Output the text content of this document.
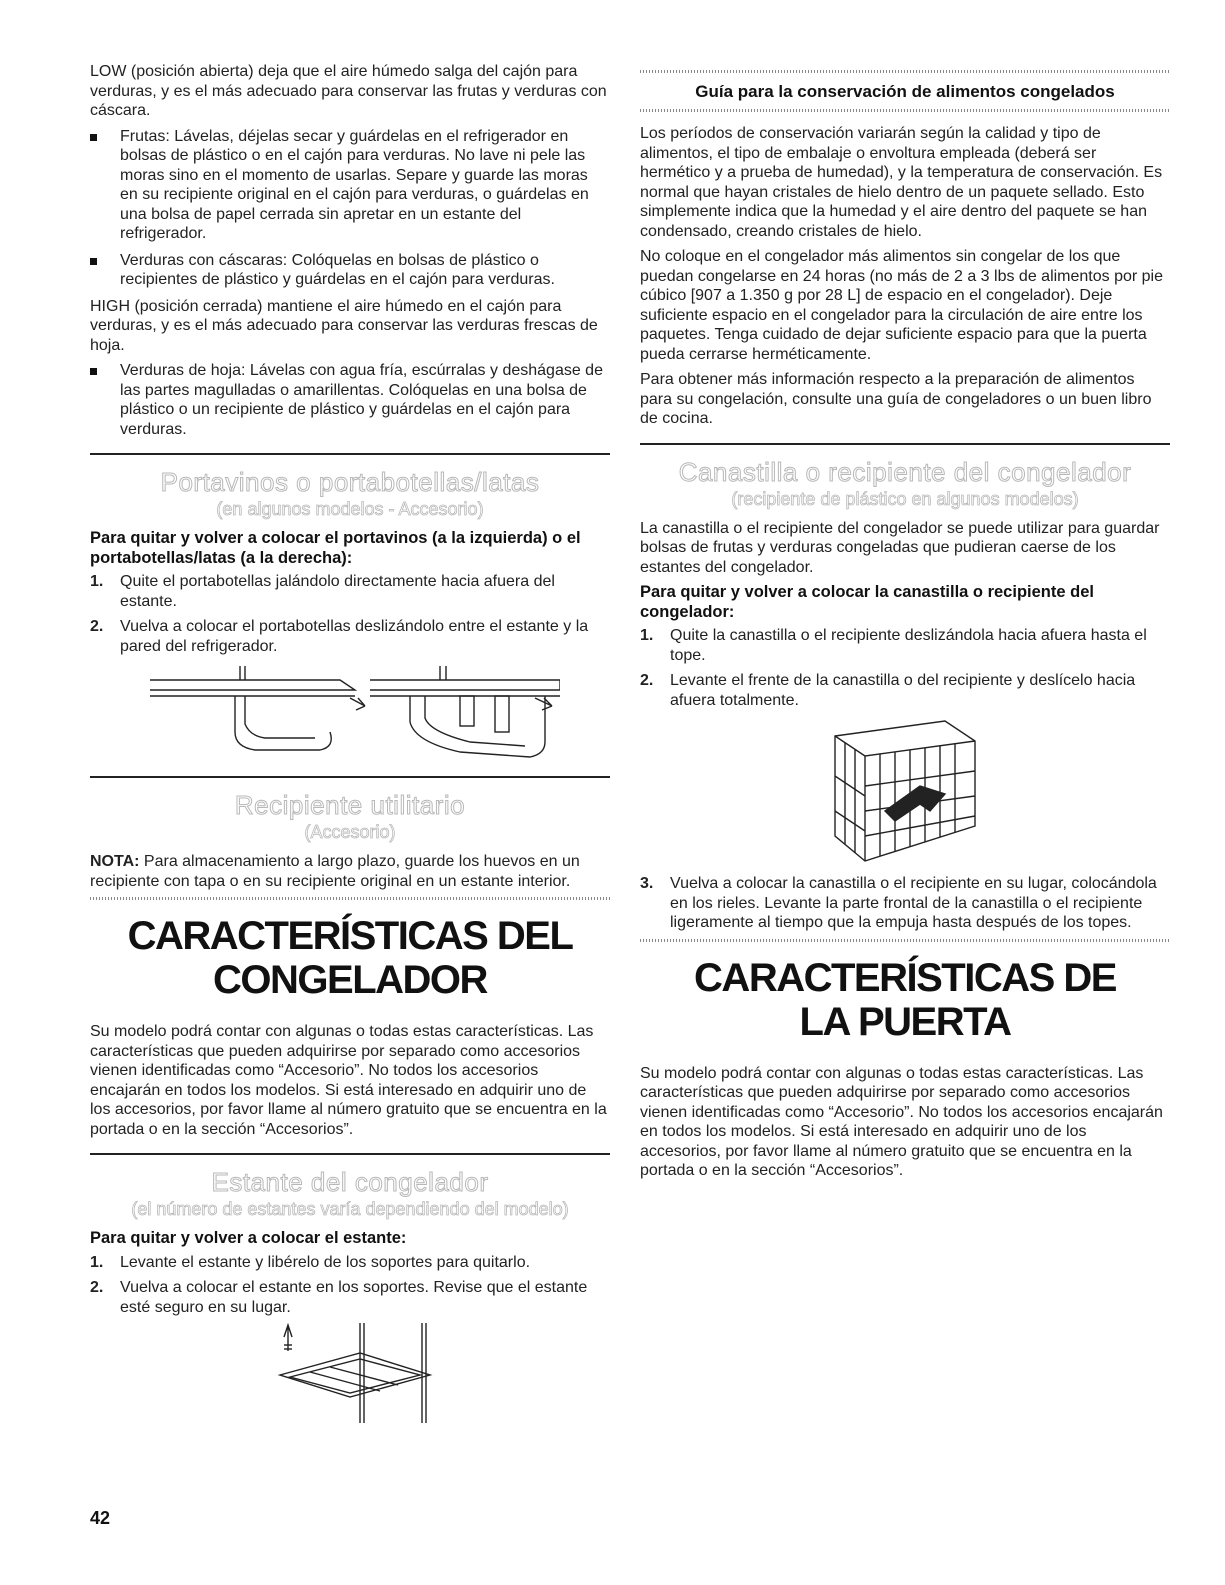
LOW (posición abierta) deja que el aire húmedo salga del cajón para verduras, y es el más adecuado para conservar las frutas y verduras con cáscara.

Frutas: Lávelas, déjelas secar y guárdelas en el refrigerador en bolsas de plástico o en el cajón para verduras. No lave ni pele las moras sino en el momento de usarlas. Separe y guarde las moras en su recipiente original en el cajón para verduras, o guárdelas en una bolsa de papel cerrada sin apretar en un estante del refrigerador.
Verduras con cáscaras: Colóquelas en bolsas de plástico o recipientes de plástico y guárdelas en el cajón para verduras.

HIGH (posición cerrada) mantiene el aire húmedo en el cajón para verduras, y es el más adecuado para conservar las verduras frescas de hoja.

Verduras de hoja: Lávelas con agua fría, escúrralas y deshágase de las partes magulladas o amarillentas. Colóquelas en una bolsa de plástico o un recipiente de plástico y guárdelas en el cajón para verduras.
Portavinos o portabotellas/latas
(en algunos modelos - Accesorio)
Para quitar y volver a colocar el portavinos (a la izquierda) o el portabotellas/latas (a la derecha):
1. Quite el portabotellas jalándolo directamente hacia afuera del estante.
2. Vuelva a colocar el portabotellas deslizándolo entre el estante y la pared del refrigerador.
Recipiente utilitario
(Accesorio)

NOTA: Para almacenamiento a largo plazo, guarde los huevos en un recipiente con tapa o en su recipiente original en un estante interior.

CARACTERÍSTICAS DEL
CONGELADOR

Su modelo podrá contar con algunas o todas estas características. Las características que pueden adquirirse por separado como accesorios vienen identificadas como “Accesorio”. No todos los accesorios encajarán en todos los modelos. Si está interesado en adquirir uno de los accesorios, por favor llame al número gratuito que se encuentra en la portada o en la sección “Accesorios”.

Estante del congelador
(el número de estantes varía dependiendo del modelo)
Para quitar y volver a colocar el estante:
1. Levante el estante y libérelo de los soportes para quitarlo.
2. Vuelva a colocar el estante en los soportes. Revise que el estante esté seguro en su lugar.
Guía para la conservación de alimentos congelados

Los períodos de conservación variarán según la calidad y tipo de alimentos, el tipo de embalaje o envoltura empleada (deberá ser hermético y a prueba de humedad), y la temperatura de conservación. Es normal que hayan cristales de hielo dentro de un paquete sellado. Esto simplemente indica que la humedad y el aire dentro del paquete se han condensado, creando cristales de hielo.

No coloque en el congelador más alimentos sin congelar de los que puedan congelarse en 24 horas (no más de 2 a 3 lbs de alimentos por pie cúbico [907 a 1.350 g por 28 L] de espacio en el congelador). Deje suficiente espacio en el congelador para la circulación de aire entre los paquetes. Tenga cuidado de dejar suficiente espacio para que la puerta pueda cerrarse herméticamente.

Para obtener más información respecto a la preparación de alimentos para su congelación, consulte una guía de congeladores o un buen libro de cocina.

Canastilla o recipiente del congelador
(recipiente de plástico en algunos modelos)

La canastilla o el recipiente del congelador se puede utilizar para guardar bolsas de frutas y verduras congeladas que pudieran caerse de los estantes del congelador.

Para quitar y volver a colocar la canastilla o recipiente del congelador:
1. Quite la canastilla o el recipiente deslizándola hacia afuera hasta el tope.
2. Levante el frente de la canastilla o del recipiente y deslícelo hacia afuera totalmente.
3. Vuelva a colocar la canastilla o el recipiente en su lugar, colocándola en los rieles. Levante la parte frontal de la canastilla o el recipiente ligeramente al tiempo que la empuja hasta después de los topes.
CARACTERÍSTICAS DE
LA PUERTA

Su modelo podrá contar con algunas o todas estas características. Las características que pueden adquirirse por separado como accesorios vienen identificadas como “Accesorio”. No todos los accesorios encajarán en todos los modelos. Si está interesado en adquirir uno de los accesorios, por favor llame al número gratuito que se encuentra en la portada o en la sección “Accesorios”.

42
